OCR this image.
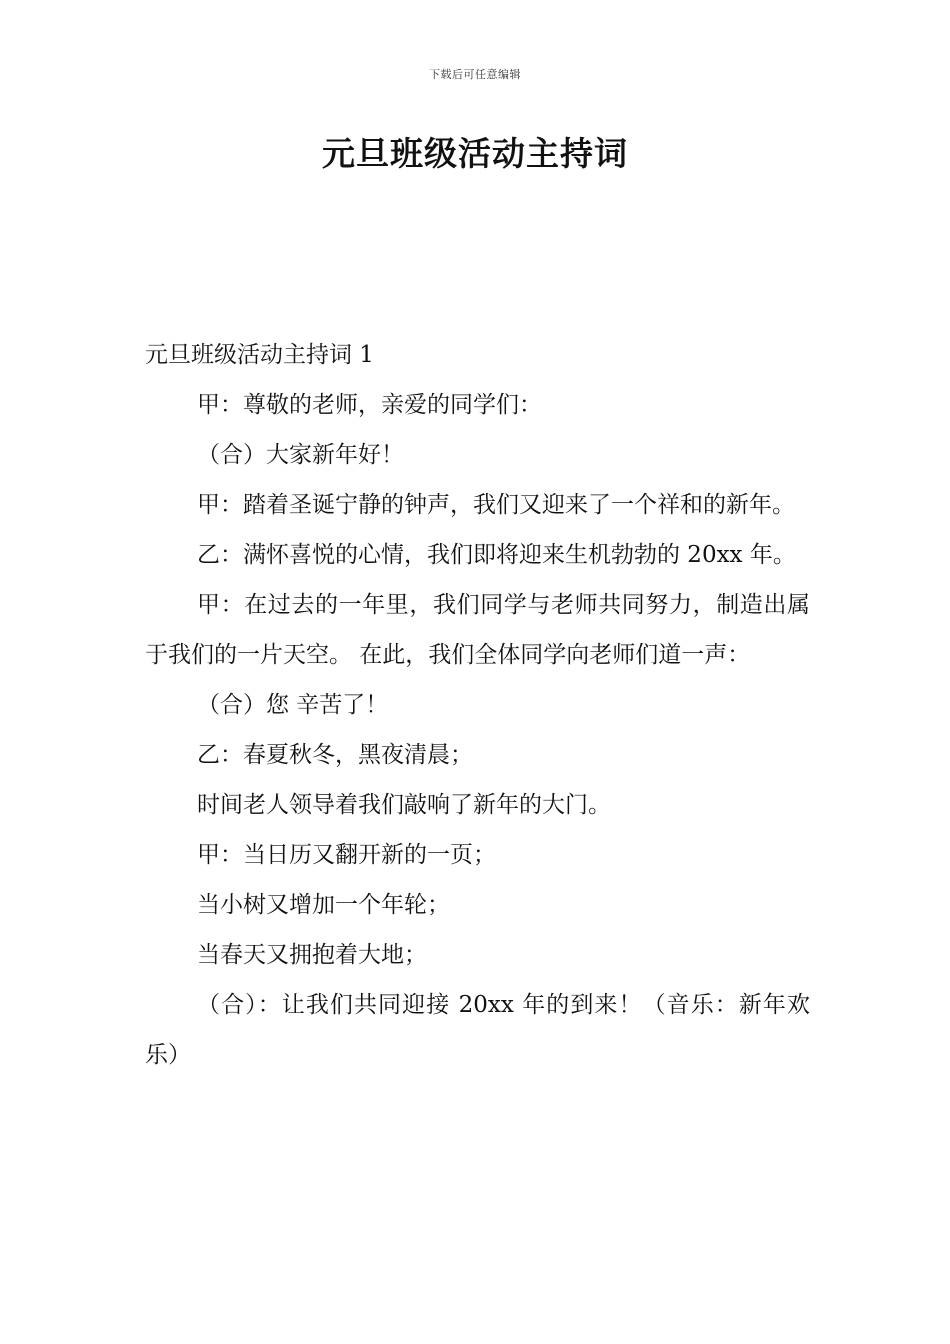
下载后可任意编辑
元旦班级活动主持词

元旦班级活动主持词 1

甲：尊敬的老师，亲爱的同学们：

（合）大家新年好！

甲：踏着圣诞宁静的钟声，我们又迎来了一个祥和的新年。

乙：满怀喜悦的心情，我们即将迎来生机勃勃的 20xx 年。

甲：在过去的一年里，我们同学与老师共同努力，制造出属于我们的一片天空。 在此，我们全体同学向老师们道一声：

（合）您 辛苦了！

乙：春夏秋冬，黑夜清晨；

时间老人领导着我们敲响了新年的大门。

甲：当日历又翻开新的一页；

当小树又增加一个年轮；

当春天又拥抱着大地；

（合）：让我们共同迎接 20xx 年的到来！（音乐：新年欢乐）
